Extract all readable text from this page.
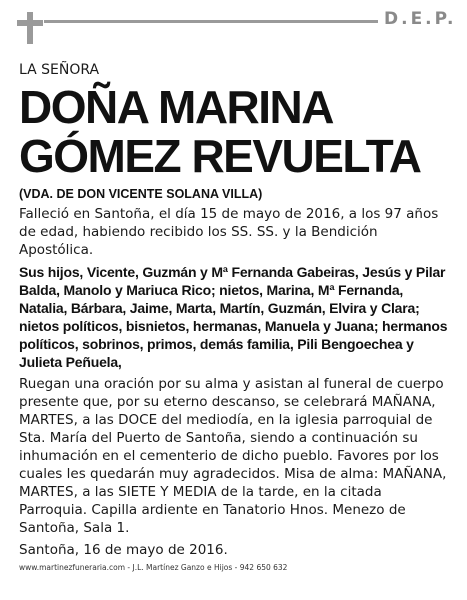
D.E.P.

LA SEÑORA

DOÑA MARINA
GÓMEZ REVUELTA

(VDA. DE DON VICENTE SOLANA VILLA)

Falleció en Santoña, el día 15 de mayo de 2016, a los 97 años de edad, habiendo recibido los SS. SS. y la Bendición Apostólica.

Sus hijos, Vicente, Guzmán y Mª Fernanda Gabeiras, Jesús y Pilar Balda, Manolo y Mariuca Rico; nietos, Marina, Mª Fernanda, Natalia, Bárbara, Jaime, Marta, Martín, Guzmán, Elvira y Clara; nietos políticos, bisnietos, hermanas, Manuela y Juana; hermanos políticos, sobrinos, primos, demás familia, Pili Bengoechea y Julieta Peñuela,

Ruegan una oración por su alma y asistan al funeral de cuerpo presente que, por su eterno descanso, se celebrará MAÑANA, MARTES, a las DOCE del mediodía, en la iglesia parroquial de Sta. María del Puerto de Santoña, siendo a continuación su inhumación en el cementerio de dicho pueblo. Favores por los cuales les quedarán muy agradecidos. Misa de alma: MAÑANA, MARTES, a las SIETE Y MEDIA de la tarde, en la citada Parroquia. Capilla ardiente en Tanatorio Hnos. Menezo de Santoña, Sala 1.

Santoña, 16 de mayo de 2016.

www.martinezfuneraria.com - J.L. Martínez Ganzo e Hijos - 942 650 632
